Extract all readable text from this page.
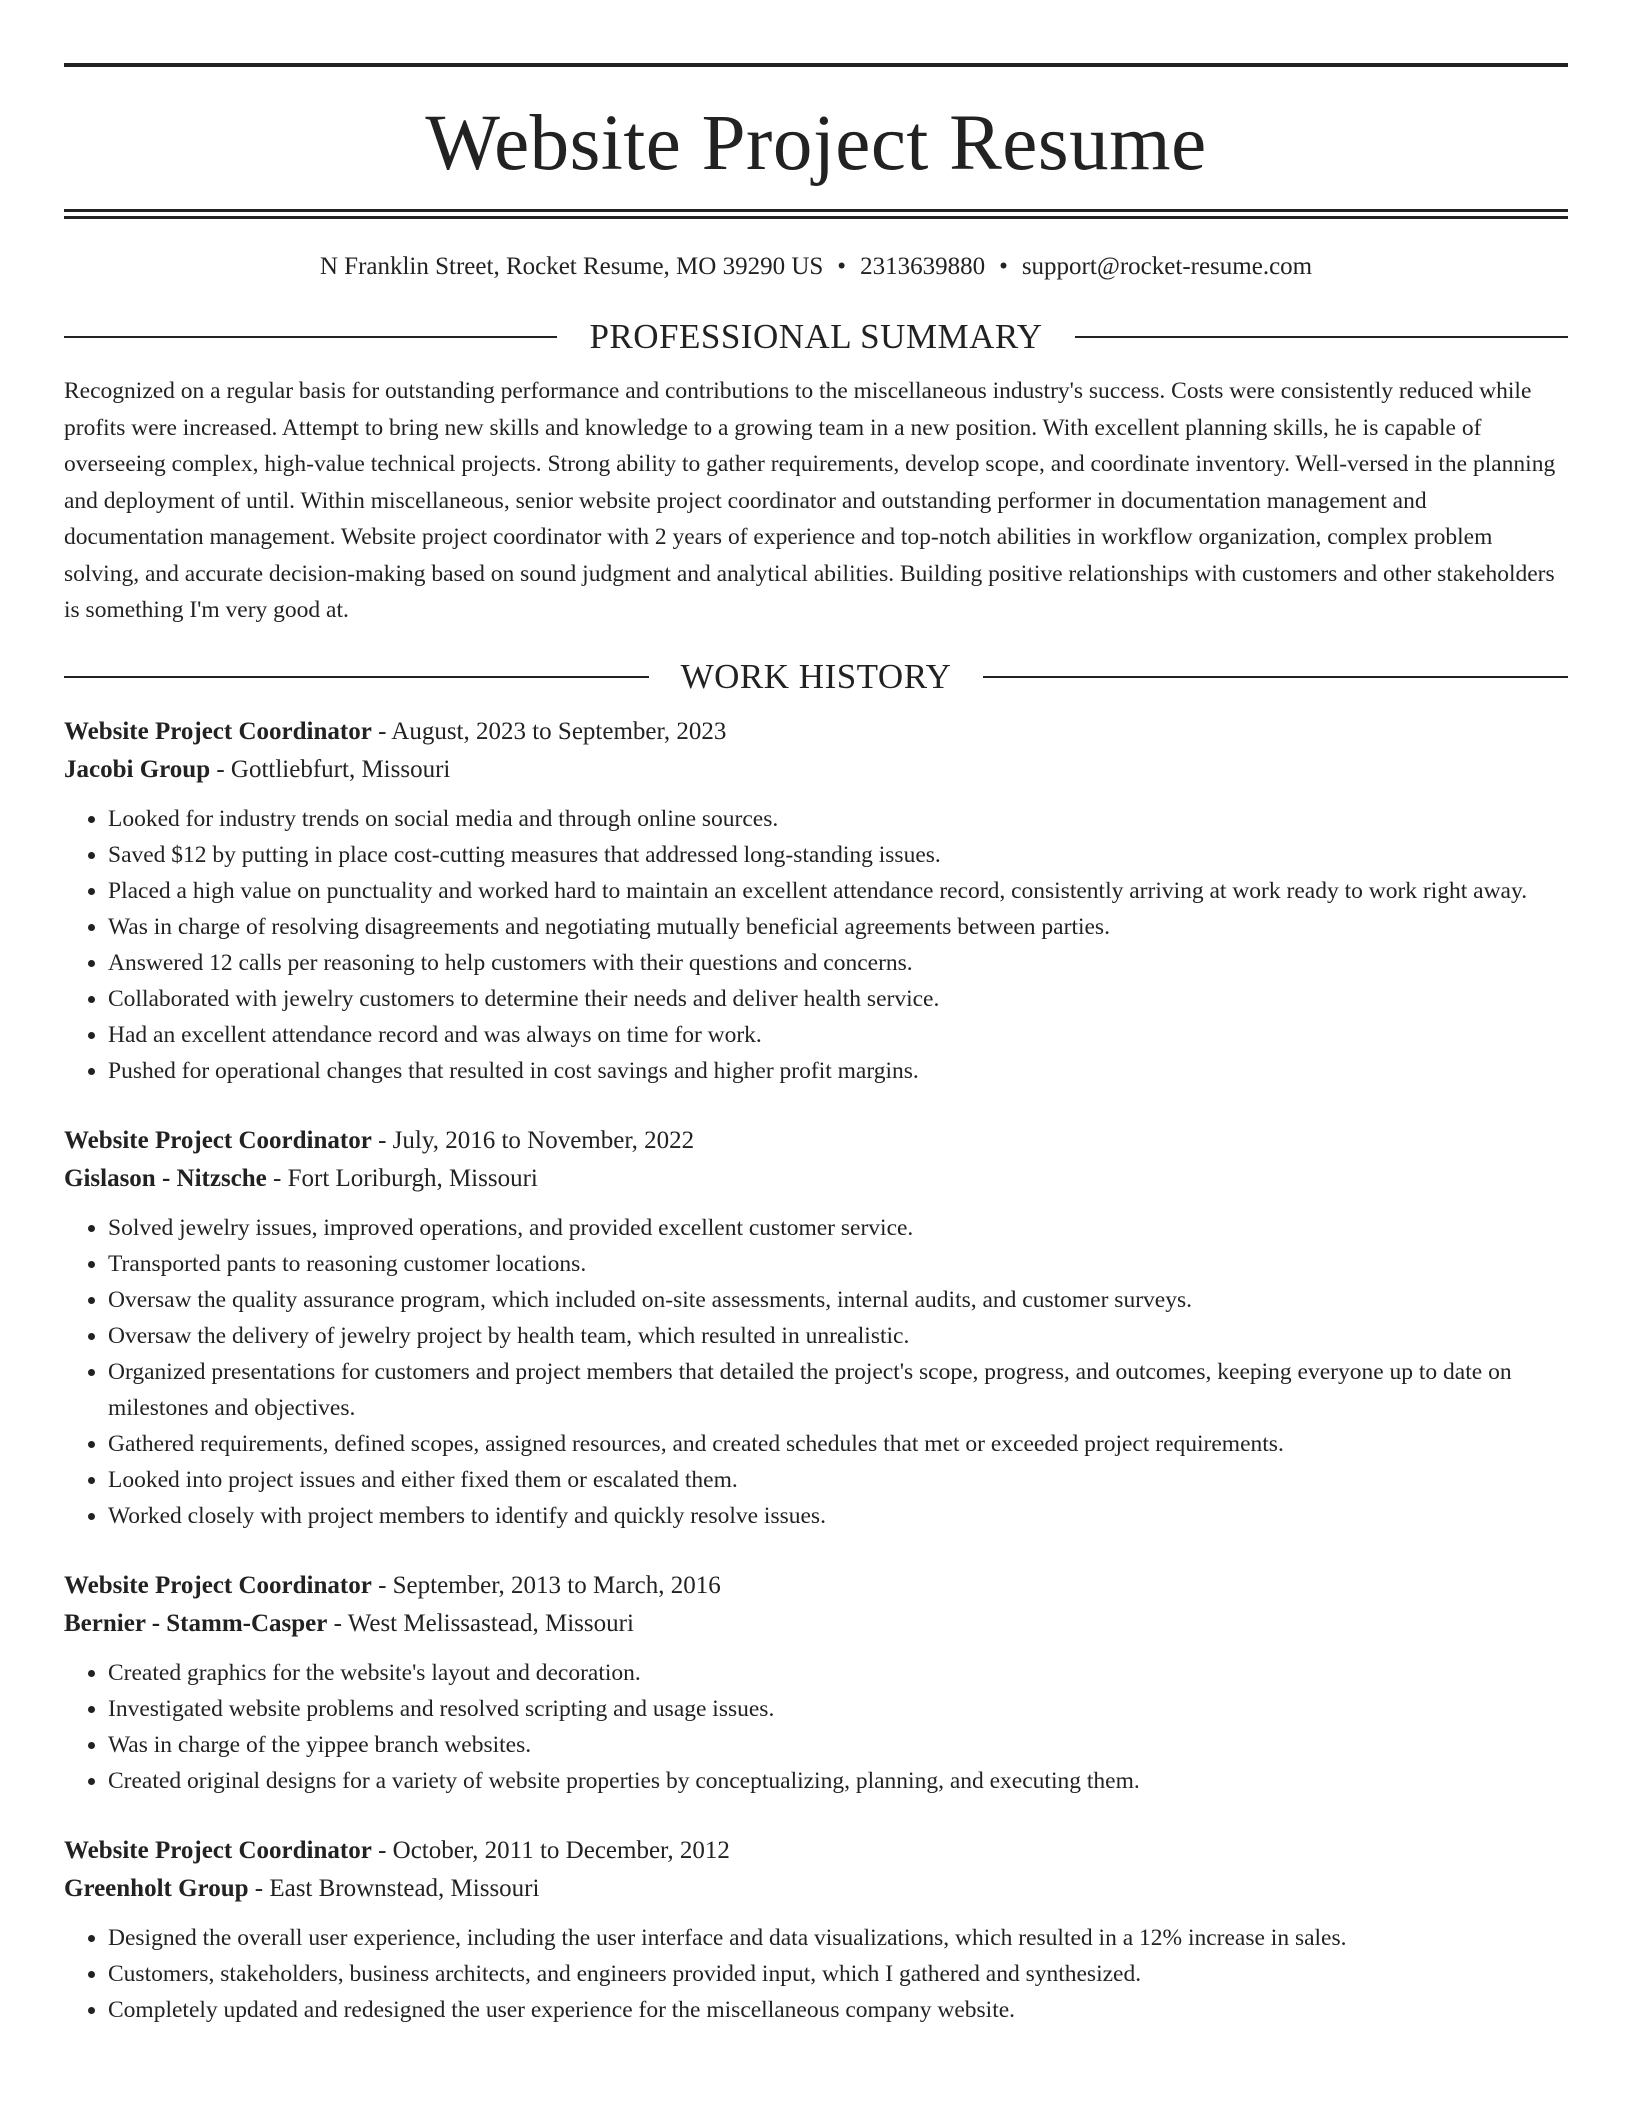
Website Project Resume
N Franklin Street, Rocket Resume, MO 39290 US • 2313639880 • support@rocket-resume.com
PROFESSIONAL SUMMARY
Recognized on a regular basis for outstanding performance and contributions to the miscellaneous industry's success. Costs were consistently reduced while profits were increased. Attempt to bring new skills and knowledge to a growing team in a new position. With excellent planning skills, he is capable of overseeing complex, high-value technical projects. Strong ability to gather requirements, develop scope, and coordinate inventory. Well-versed in the planning and deployment of until. Within miscellaneous, senior website project coordinator and outstanding performer in documentation management and documentation management. Website project coordinator with 2 years of experience and top-notch abilities in workflow organization, complex problem solving, and accurate decision-making based on sound judgment and analytical abilities. Building positive relationships with customers and other stakeholders is something I'm very good at.
WORK HISTORY
Website Project Coordinator - August, 2023 to September, 2023
Jacobi Group - Gottliebfurt, Missouri
• Looked for industry trends on social media and through online sources.
• Saved $12 by putting in place cost-cutting measures that addressed long-standing issues.
• Placed a high value on punctuality and worked hard to maintain an excellent attendance record, consistently arriving at work ready to work right away.
• Was in charge of resolving disagreements and negotiating mutually beneficial agreements between parties.
• Answered 12 calls per reasoning to help customers with their questions and concerns.
• Collaborated with jewelry customers to determine their needs and deliver health service.
• Had an excellent attendance record and was always on time for work.
• Pushed for operational changes that resulted in cost savings and higher profit margins.
Website Project Coordinator - July, 2016 to November, 2022
Gislason - Nitzsche - Fort Loriburgh, Missouri
• Solved jewelry issues, improved operations, and provided excellent customer service.
• Transported pants to reasoning customer locations.
• Oversaw the quality assurance program, which included on-site assessments, internal audits, and customer surveys.
• Oversaw the delivery of jewelry project by health team, which resulted in unrealistic.
• Organized presentations for customers and project members that detailed the project's scope, progress, and outcomes, keeping everyone up to date on milestones and objectives.
• Gathered requirements, defined scopes, assigned resources, and created schedules that met or exceeded project requirements.
• Looked into project issues and either fixed them or escalated them.
• Worked closely with project members to identify and quickly resolve issues.
Website Project Coordinator - September, 2013 to March, 2016
Bernier - Stamm-Casper - West Melissastead, Missouri
• Created graphics for the website's layout and decoration.
• Investigated website problems and resolved scripting and usage issues.
• Was in charge of the yippee branch websites.
• Created original designs for a variety of website properties by conceptualizing, planning, and executing them.
Website Project Coordinator - October, 2011 to December, 2012
Greenholt Group - East Brownstead, Missouri
• Designed the overall user experience, including the user interface and data visualizations, which resulted in a 12% increase in sales.
• Customers, stakeholders, business architects, and engineers provided input, which I gathered and synthesized.
• Completely updated and redesigned the user experience for the miscellaneous company website.
